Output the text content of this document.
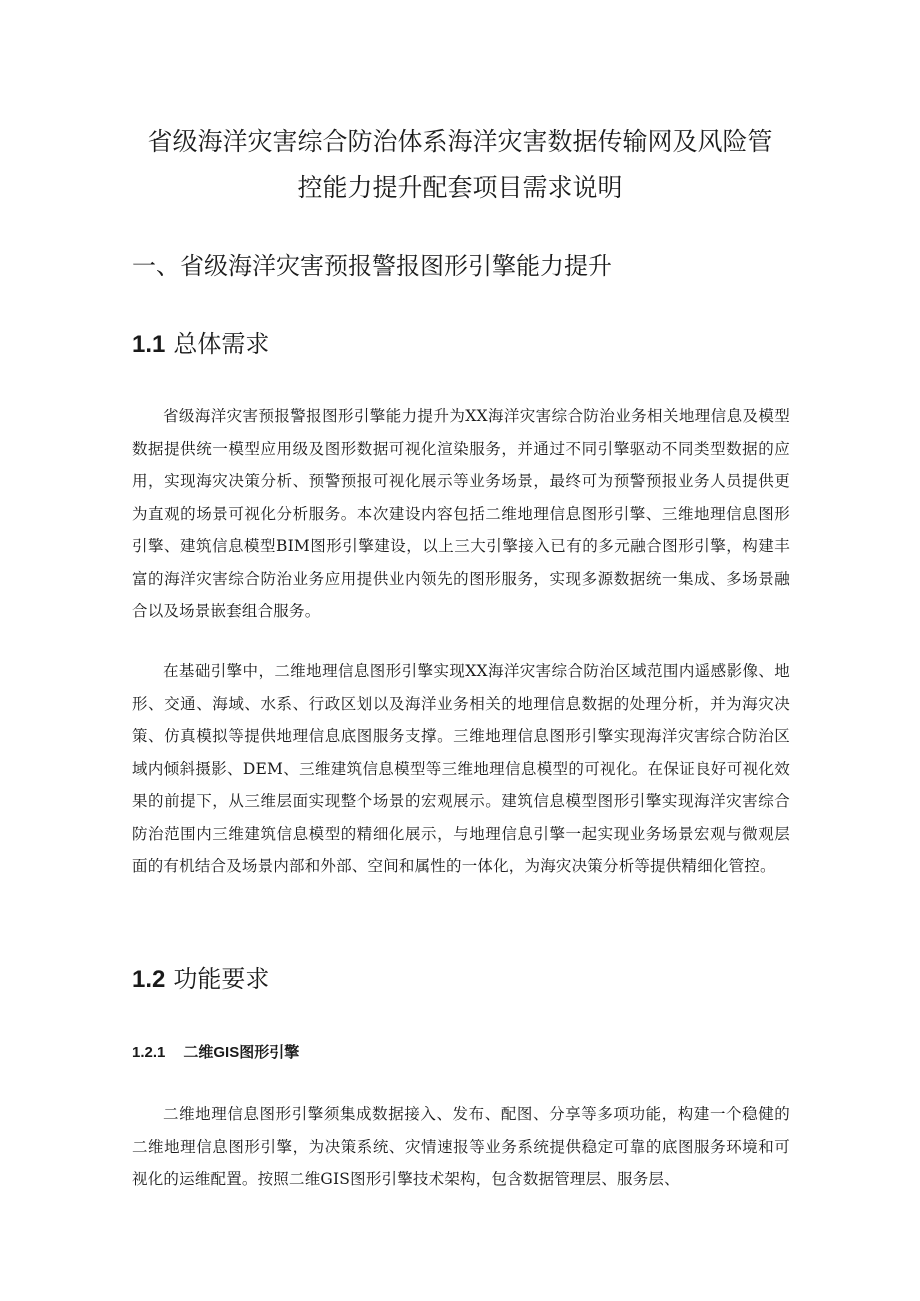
省级海洋灾害综合防治体系海洋灾害数据传输网及风险管
控能力提升配套项目需求说明
一、省级海洋灾害预报警报图形引擎能力提升
1.1 总体需求

省级海洋灾害预报警报图形引擎能力提升为XX海洋灾害综合防治业务相关地理信息及模型数据提供统一模型应用级及图形数据可视化渲染服务，并通过不同引擎驱动不同类型数据的应用，实现海灾决策分析、预警预报可视化展示等业务场景，最终可为预警预报业务人员提供更为直观的场景可视化分析服务。本次建设内容包括二维地理信息图形引擎、三维地理信息图形引擎、建筑信息模型BIM图形引擎建设，以上三大引擎接入已有的多元融合图形引擎，构建丰富的海洋灾害综合防治业务应用提供业内领先的图形服务，实现多源数据统一集成、多场景融合以及场景嵌套组合服务。

在基础引擎中，二维地理信息图形引擎实现XX海洋灾害综合防治区域范围内遥感影像、地形、交通、海域、水系、行政区划以及海洋业务相关的地理信息数据的处理分析，并为海灾决策、仿真模拟等提供地理信息底图服务支撑。三维地理信息图形引擎实现海洋灾害综合防治区域内倾斜摄影、DEM、三维建筑信息模型等三维地理信息模型的可视化。在保证良好可视化效果的前提下，从三维层面实现整个场景的宏观展示。建筑信息模型图形引擎实现海洋灾害综合防治范围内三维建筑信息模型的精细化展示，与地理信息引擎一起实现业务场景宏观与微观层面的有机结合及场景内部和外部、空间和属性的一体化，为海灾决策分析等提供精细化管控。

1.2 功能要求
1.2.1 二维GIS图形引擎

二维地理信息图形引擎须集成数据接入、发布、配图、分享等多项功能，构建一个稳健的二维地理信息图形引擎，为决策系统、灾情速报等业务系统提供稳定可靠的底图服务环境和可视化的运维配置。按照二维GIS图形引擎技术架构，包含数据管理层、服务层、
